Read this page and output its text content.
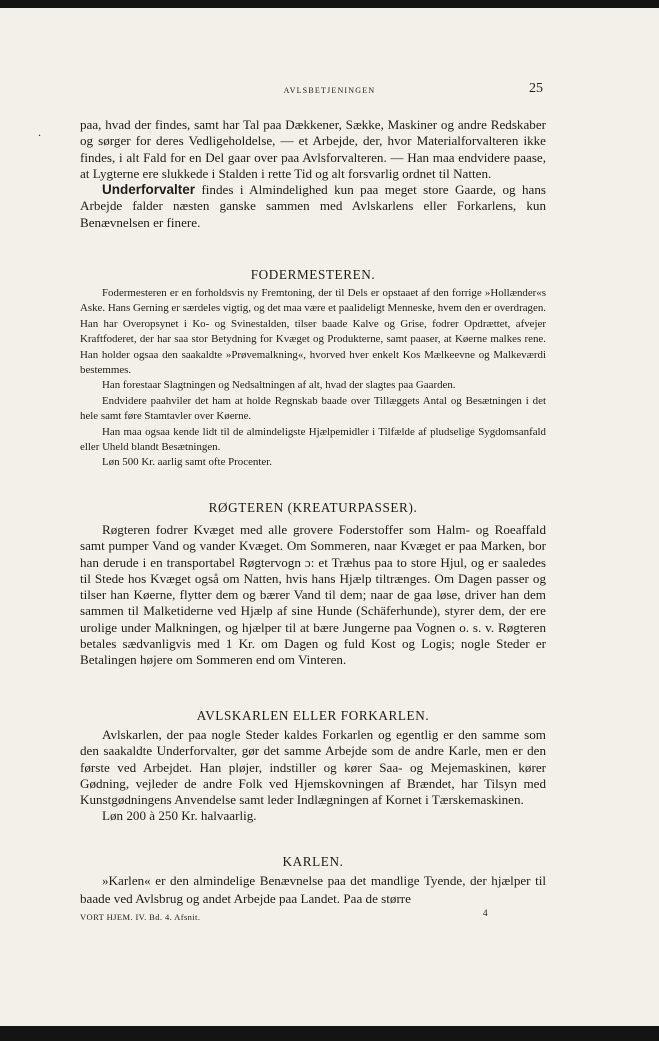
AVLSBETJENINGEN	25
.	paa, hvad der findes, samt har Tal paa Dækkener, Sække, Maskiner og andre Redskaber og sørger for deres Vedligeholdelse, — et Arbejde, der, hvor Materialforvalteren ikke findes, i alt Fald for en Del gaar over paa Avlsforvalteren. — Han maa endvidere paase, at Lygterne ere slukkede i Stalden i rette Tid og alt forsvarlig ordnet til Natten.

Underforvalter findes i Almindelighed kun paa meget store Gaarde, og hans Arbejde falder næsten ganske sammen med Avlskarlens eller Forkarlens, kun Benævnelsen er finere.

FODERMESTEREN.

Fodermesteren er en forholdsvis ny Fremtoning, der til Dels er opstaaet af den forrige »Hollænder«s Aske. Hans Gerning er særdeles vigtig, og det maa være et paalideligt Menneske, hvem den er overdragen. Han har Overopsynet i Ko- og Svinestalden, tilser baade Kalve og Grise, fodrer Opdrættet, afvejer Kraftfoderet, der har saa stor Betydning for Kvæget og Produkterne, samt paaser, at Køerne malkes rene. Han holder ogsaa den saakaldte »Prøvemalkning«, hvorved hver enkelt Kos Mælkeevne og Malkeværdi bestemmes.

Han forestaar Slagtningen og Nedsaltningen af alt, hvad der slagtes paa Gaarden.

Endvidere paahviler det ham at holde Regnskab baade over Tillæggets Antal og Besætningen i det hele samt føre Stamtavler over Køerne.

Han maa ogsaa kende lidt til de almindeligste Hjælpemidler i Tilfælde af pludselige Sygdomsanfald eller Uheld blandt Besætningen.

Løn 500 Kr. aarlig samt ofte Procenter.

RØGTEREN (KREATURPASSER).

Røgteren fodrer Kvæget med alle grovere Foderstoffer som Halm- og Roeaffald samt pumper Vand og vander Kvæget. Om Sommeren, naar Kvæget er paa Marken, bor han derude i en transportabel Røgtervogn ɔ: et Træhus paa to store Hjul, og er saaledes til Stede hos Kvæget også om Natten, hvis hans Hjælp tiltrænges. Om Dagen passer og tilser han Køerne, flytter dem og bærer Vand til dem; naar de gaa løse, driver han dem sammen til Malketiderne ved Hjælp af sine Hunde (Schäferhunde), styrer dem, der ere urolige under Malkningen, og hjælper til at bære Jungerne paa Vognen o. s. v. Røgteren betales sædvanligvis med 1 Kr. om Dagen og fuld Kost og Logis; nogle Steder er Betalingen højere om Sommeren end om Vinteren.

AVLSKARLEN ELLER FORKARLEN.

Avlskarlen, der paa nogle Steder kaldes Forkarlen og egentlig er den samme som den saakaldte Underforvalter, gør det samme Arbejde som de andre Karle, men er den første ved Arbejdet. Han pløjer, indstiller og kører Saa- og Mejemaskinen, kører Gødning, vejleder de andre Folk ved Hjemskovningen af Brændet, har Tilsyn med Kunstgødningens Anvendelse samt leder Indlægningen af Kornet i Tærskemaskinen.

Løn 200 à 250 Kr. halvaarlig.

KARLEN.

»Karlen« er den almindelige Benævnelse paa det mandlige Tyende, der hjælper til baade ved Avlsbrug og andet Arbejde paa Landet. Paa de større

VORT HJEM. IV. Bd. 4. Afsnit.	4
